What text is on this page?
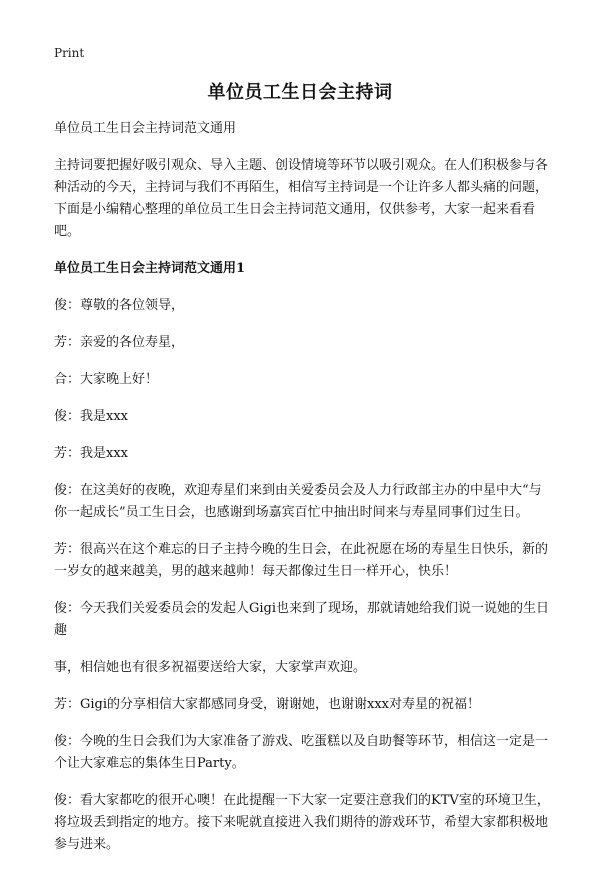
Print
单位员工生日会主持词

单位员工生日会主持词范文通用

主持词要把握好吸引观众、导入主题、创设情境等环节以吸引观众。在人们积极参与各种活动的今天，主持词与我们不再陌生，相信写主持词是一个让许多人都头痛的问题，下面是小编精心整理的单位员工生日会主持词范文通用，仅供参考，大家一起来看看吧。

单位员工生日会主持词范文通用1

俊：尊敬的各位领导，

芳：亲爱的各位寿星，

合：大家晚上好！

俊：我是xxx

芳：我是xxx

俊：在这美好的夜晚，欢迎寿星们来到由关爱委员会及人力行政部主办的中星中大“与你一起成长”员工生日会，也感谢到场嘉宾百忙中抽出时间来与寿星同事们过生日。

芳：很高兴在这个难忘的日子主持今晚的生日会，在此祝愿在场的寿星生日快乐，新的一岁女的越来越美，男的越来越帅！每天都像过生日一样开心，快乐！

俊：今天我们关爱委员会的发起人Gigi也来到了现场，那就请她给我们说一说她的生日趣

事，相信她也有很多祝福要送给大家，大家掌声欢迎。

芳：Gigi的分享相信大家都感同身受，谢谢她，也谢谢xxx对寿星的祝福！

俊：今晚的生日会我们为大家准备了游戏、吃蛋糕以及自助餐等环节，相信这一定是一个让大家难忘的集体生日Party。

俊：看大家都吃的很开心噢！在此提醒一下大家一定要注意我们的KTV室的环境卫生，将垃圾丢到指定的地方。接下来呢就直接进入我们期待的游戏环节，希望大家都积极地参与进来。
